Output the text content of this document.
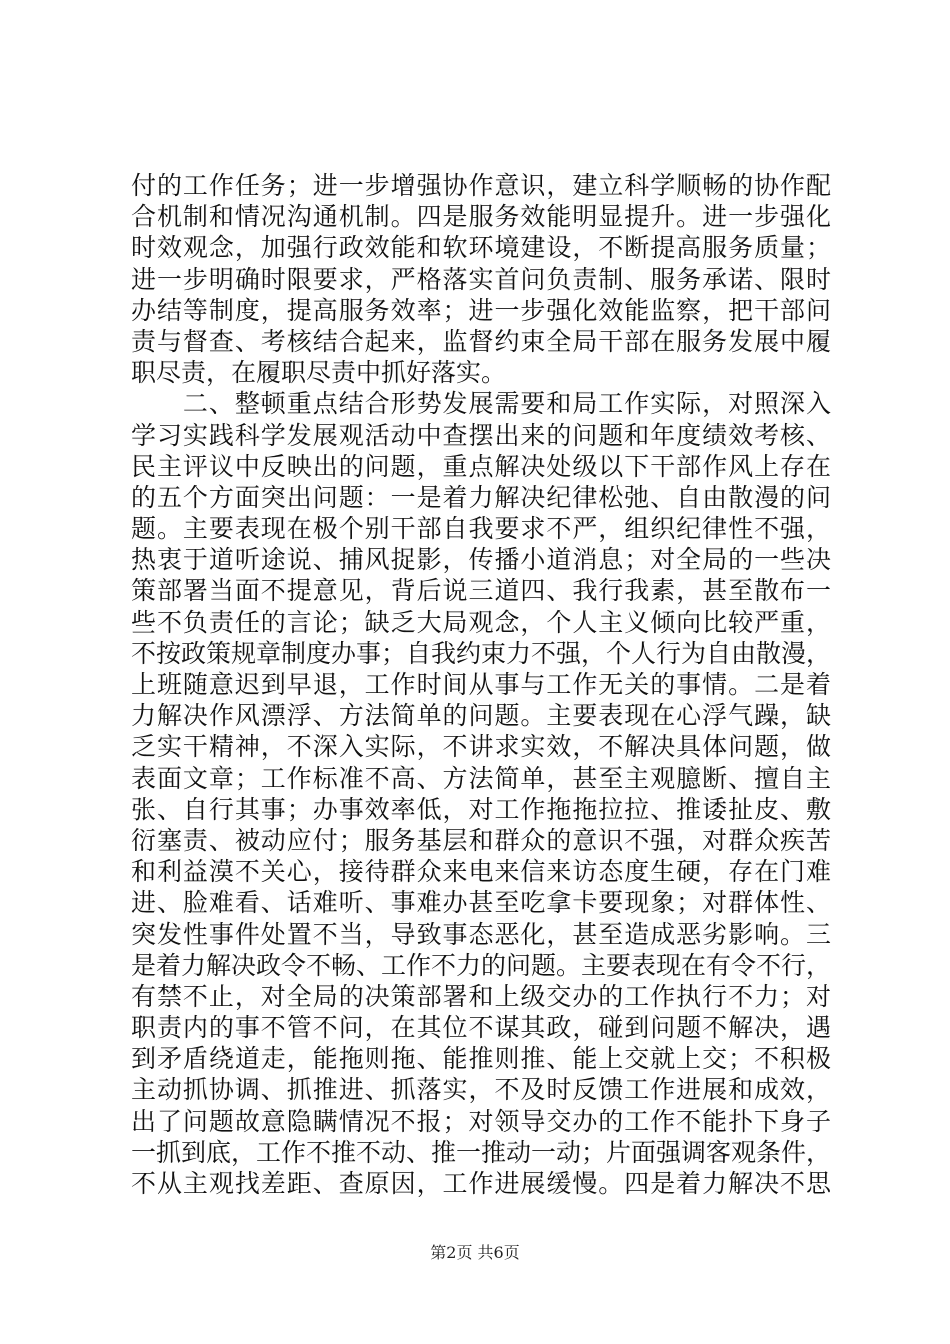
付的工作任务；进一步增强协作意识，建立科学顺畅的协作配
合机制和情况沟通机制。四是服务效能明显提升。进一步强化
时效观念，加强行政效能和软环境建设，不断提高服务质量；
进一步明确时限要求，严格落实首问负责制、服务承诺、限时
办结等制度，提高服务效率；进一步强化效能监察，把干部问
责与督查、考核结合起来，监督约束全局干部在服务发展中履
职尽责，在履职尽责中抓好落实。
　　二、整顿重点结合形势发展需要和局工作实际，对照深入
学习实践科学发展观活动中查摆出来的问题和年度绩效考核、
民主评议中反映出的问题，重点解决处级以下干部作风上存在
的五个方面突出问题：一是着力解决纪律松弛、自由散漫的问
题。主要表现在极个别干部自我要求不严，组织纪律性不强，
热衷于道听途说、捕风捉影，传播小道消息；对全局的一些决
策部署当面不提意见，背后说三道四、我行我素，甚至散布一
些不负责任的言论；缺乏大局观念，个人主义倾向比较严重，
不按政策规章制度办事；自我约束力不强，个人行为自由散漫，
上班随意迟到早退，工作时间从事与工作无关的事情。二是着
力解决作风漂浮、方法简单的问题。主要表现在心浮气躁，缺
乏实干精神，不深入实际，不讲求实效，不解决具体问题，做
表面文章；工作标准不高、方法简单，甚至主观臆断、擅自主
张、自行其事；办事效率低，对工作拖拖拉拉、推诿扯皮、敷
衍塞责、被动应付；服务基层和群众的意识不强，对群众疾苦
和利益漠不关心，接待群众来电来信来访态度生硬，存在门难
进、脸难看、话难听、事难办甚至吃拿卡要现象；对群体性、
突发性事件处置不当，导致事态恶化，甚至造成恶劣影响。三
是着力解决政令不畅、工作不力的问题。主要表现在有令不行，
有禁不止，对全局的决策部署和上级交办的工作执行不力；对
职责内的事不管不问，在其位不谋其政，碰到问题不解决，遇
到矛盾绕道走，能拖则拖、能推则推、能上交就上交；不积极
主动抓协调、抓推进、抓落实，不及时反馈工作进展和成效，
出了问题故意隐瞒情况不报；对领导交办的工作不能扑下身子
一抓到底，工作不推不动、推一推动一动；片面强调客观条件，
不从主观找差距、查原因，工作进展缓慢。四是着力解决不思
第2页 共6页
